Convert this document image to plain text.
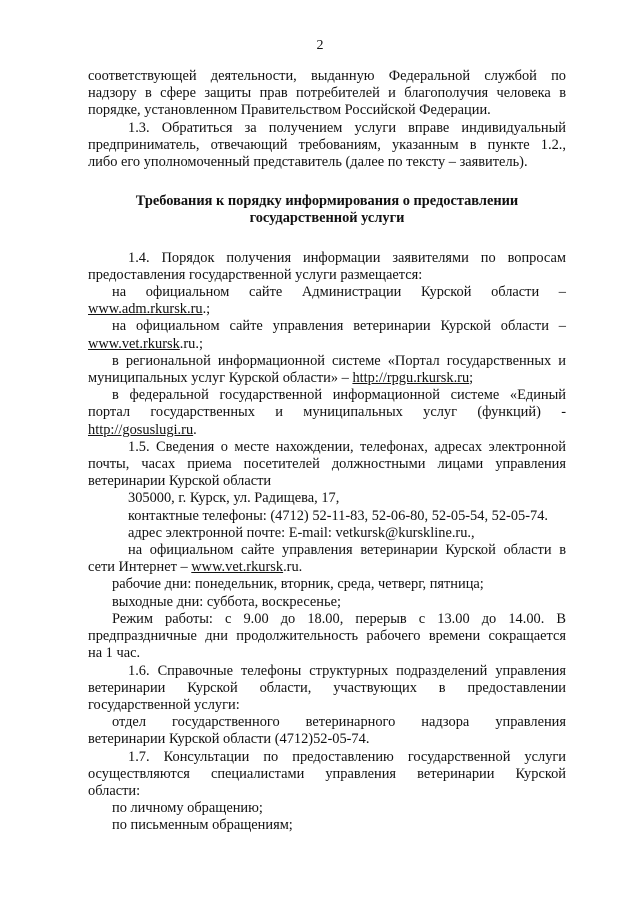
2

соответствующей деятельности, выданную Федеральной службой по

надзору в сфере защиты прав потребителей и благополучия человека в

порядке, установленном Правительством Российской Федерации.

1.3. Обратиться за получением услуги вправе индивидуальный

предприниматель, отвечающий требованиям, указанным в пункте 1.2.,

либо его уполномоченный представитель (далее по тексту – заявитель).

Требования к порядку информирования о предоставлении

государственной услуги

1.4. Порядок получения информации заявителями по вопросам

предоставления государственной услуги размещается:

на официальном сайте Администрации Курской области –

www.adm.rkursk.ru.;

на официальном сайте управления ветеринарии Курской области –

www.vet.rkursk.ru.;

в региональной информационной системе «Портал государственных и

муниципальных услуг Курской области» – http://rpgu.rkursk.ru;

в федеральной государственной информационной системе «Единый

портал государственных и муниципальных услуг (функций) -

http://gosuslugi.ru.

1.5. Сведения о месте нахождении, телефонах, адресах электронной

почты, часах приема посетителей должностными лицами управления

ветеринарии Курской области

305000, г. Курск, ул. Радищева, 17,

контактные телефоны: (4712) 52-11-83, 52-06-80, 52-05-54, 52-05-74.

адрес электронной почте: E-mail: vetkursk@kurskline.ru.,

на официальном сайте управления ветеринарии Курской области в

сети Интернет – www.vet.rkursk.ru.

рабочие дни: понедельник, вторник, среда, четверг, пятница;

выходные дни: суббота, воскресенье;

Режим работы: с 9.00 до 18.00, перерыв с 13.00 до 14.00. В

предпраздничные дни продолжительность рабочего времени сокращается

на 1 час.

1.6. Справочные телефоны структурных подразделений управления

ветеринарии Курской области, участвующих в предоставлении

государственной услуги:

отдел государственного ветеринарного надзора управления

ветеринарии Курской области (4712)52-05-74.

1.7. Консультации по предоставлению государственной услуги

осуществляются специалистами управления ветеринарии Курской

области:

по личному обращению;

по письменным обращениям;
